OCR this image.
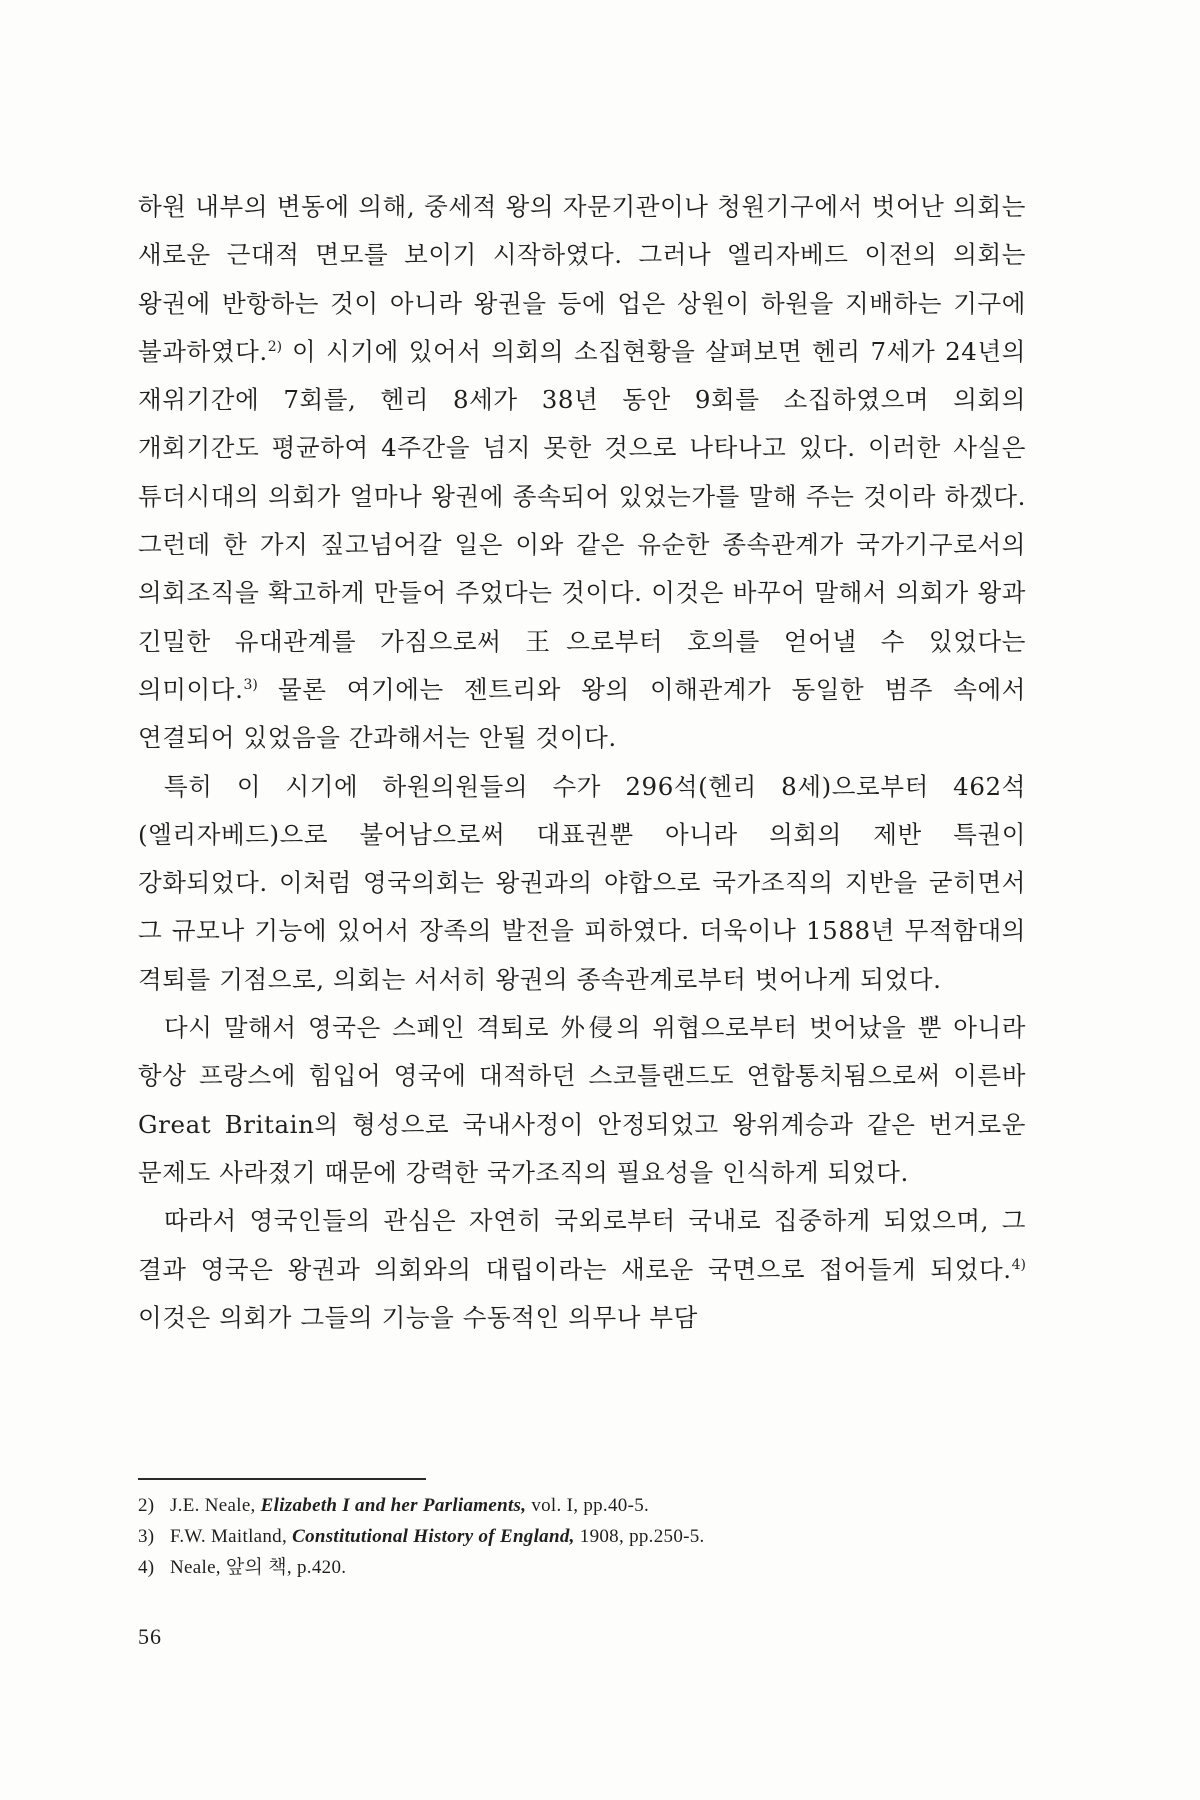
하원 내부의 변동에 의해, 중세적 왕의 자문기관이나 청원기구에서 벗어난 의회는 새로운 근대적 면모를 보이기 시작하였다. 그러나 엘리자베드 이전의 의회는 왕권에 반항하는 것이 아니라 왕권을 등에 업은 상원이 하원을 지배하는 기구에 불과하였다.$^{2)}$ 이 시기에 있어서 의회의 소집현황을 살펴보면 헨리 7세가 24년의 재위기간에 7회를, 헨리 8세가 38년 동안 9회를 소집하였으며 의회의 개회기간도 평균하여 4주간을 넘지 못한 것으로 나타나고 있다. 이러한 사실은 튜더시대의 의회가 얼마나 왕권에 종속되어 있었는가를 말해 주는 것이라 하겠다. 그런데 한 가지 짚고넘어갈 일은 이와 같은 유순한 종속관계가 국가기구로서의 의회조직을 확고하게 만들어 주었다는 것이다. 이것은 바꾸어 말해서 의회가 왕과 긴밀한 유대관계를 가짐으로써 王으로부터 호의를 얻어낼 수 있었다는 의미이다.$^{3)}$ 물론 여기에는 젠트리와 왕의 이해관계가 동일한 범주 속에서 연결되어 있었음을 간과해서는 안될 것이다.

특히 이 시기에 하원의원들의 수가 296석(헨리 8세)으로부터 462석(엘리자베드)으로 불어남으로써 대표권뿐 아니라 의회의 제반 특권이 강화되었다. 이처럼 영국의회는 왕권과의 야합으로 국가조직의 지반을 굳히면서 그 규모나 기능에 있어서 장족의 발전을 피하였다. 더욱이나 1588년 무적함대의 격퇴를 기점으로, 의회는 서서히 왕권의 종속관계로부터 벗어나게 되었다.

다시 말해서 영국은 스페인 격퇴로 外侵의 위협으로부터 벗어났을 뿐 아니라 항상 프랑스에 힘입어 영국에 대적하던 스코틀랜드도 연합통치됨으로써 이른바 Great Britain의 형성으로 국내사정이 안정되었고 왕위계승과 같은 번거로운 문제도 사라졌기 때문에 강력한 국가조직의 필요성을 인식하게 되었다.

따라서 영국인들의 관심은 자연히 국외로부터 국내로 집중하게 되었으며, 그 결과 영국은 왕권과 의회와의 대립이라는 새로운 국면으로 접어들게 되었다.$^{4)}$ 이것은 의회가 그들의 기능을 수동적인 의무나 부담

2) J.E. Neale, Elizabeth I and her Parliaments, vol. I, pp.40-5.
3) F.W. Maitland, Constitutional History of England, 1908, pp.250-5.
4) Neale, 앞의 책, p.420.
56
